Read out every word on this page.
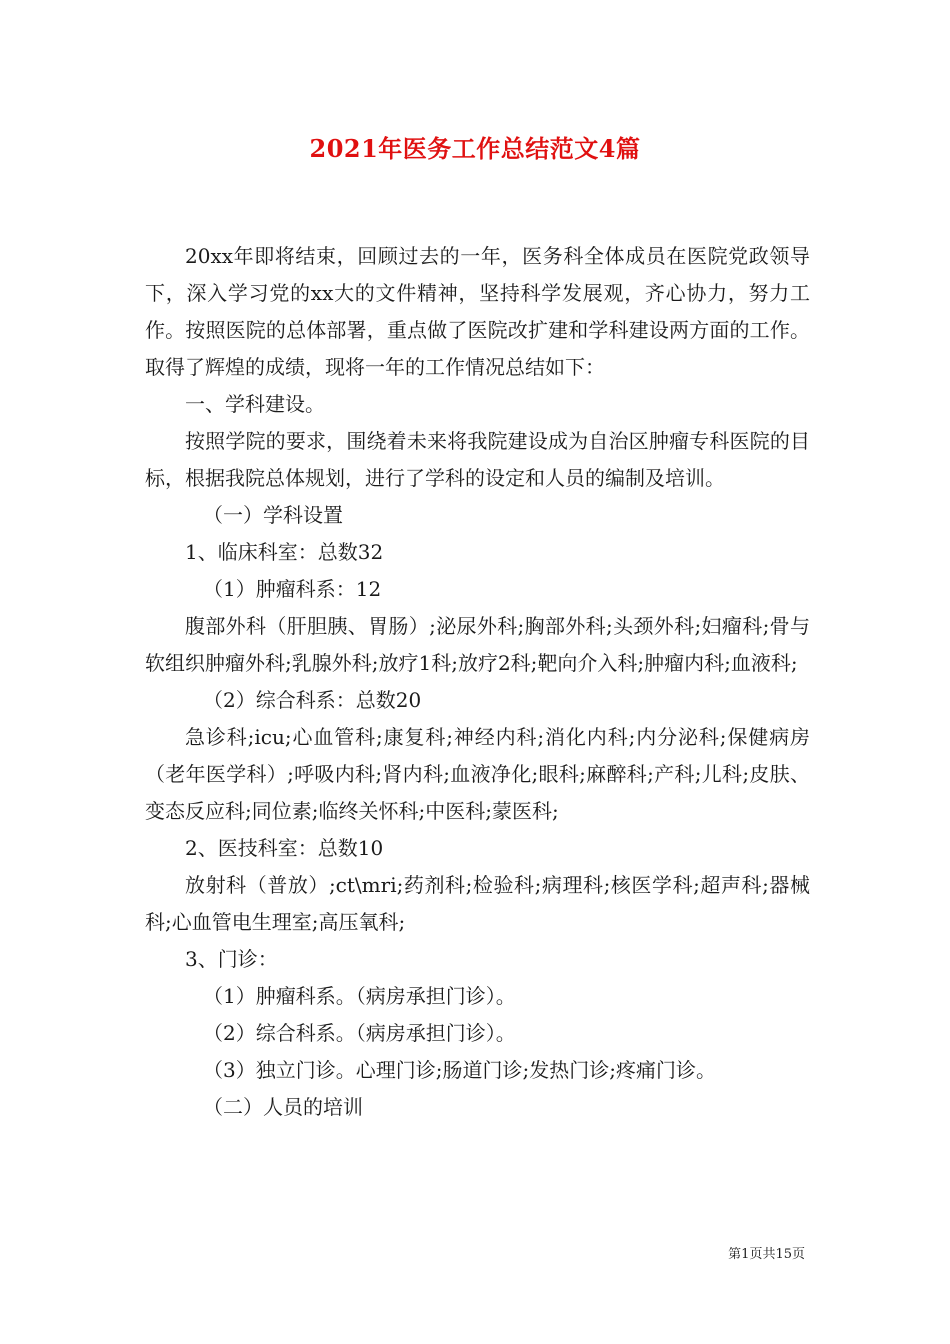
2021年医务工作总结范文4篇

20xx年即将结束，回顾过去的一年，医务科全体成员在医院党政领导下，深入学习党的xx大的文件精神，坚持科学发展观，齐心协力，努力工作。按照医院的总体部署，重点做了医院改扩建和学科建设两方面的工作。取得了辉煌的成绩，现将一年的工作情况总结如下：

一、学科建设。

按照学院的要求，围绕着未来将我院建设成为自治区肿瘤专科医院的目标，根据我院总体规划，进行了学科的设定和人员的编制及培训。

（一）学科设置

1、临床科室：总数32

（1）肿瘤科系：12

腹部外科（肝胆胰、胃肠）;泌尿外科;胸部外科;头颈外科;妇瘤科;骨与软组织肿瘤外科;乳腺外科;放疗1科;放疗2科;靶向介入科;肿瘤内科;血液科;

（2）综合科系：总数20

急诊科;icu;心血管科;康复科;神经内科;消化内科;内分泌科;保健病房（老年医学科）;呼吸内科;肾内科;血液净化;眼科;麻醉科;产科;儿科;皮肤、变态反应科;同位素;临终关怀科;中医科;蒙医科;

2、医技科室：总数10

放射科（普放）;ct\mri;药剂科;检验科;病理科;核医学科;超声科;器械科;心血管电生理室;高压氧科;

3、门诊：

（1）肿瘤科系。（病房承担门诊）。

（2）综合科系。（病房承担门诊）。

（3）独立门诊。心理门诊;肠道门诊;发热门诊;疼痛门诊。

（二）人员的培训

第1页共15页
